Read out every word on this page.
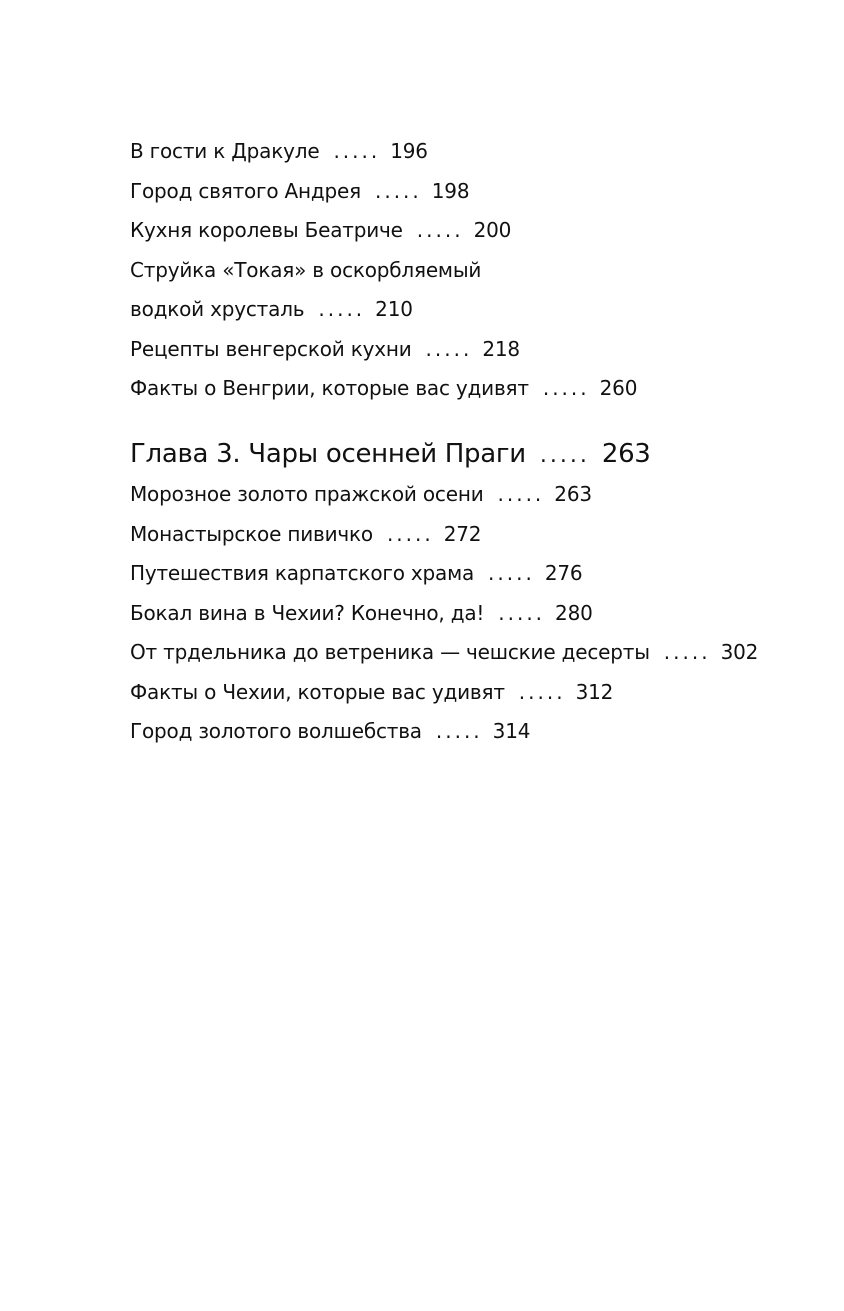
В гости к Дракуле ..... 196
Город святого Андрея ..... 198
Кухня королевы Беатриче ..... 200
Струйка «Токая» в оскорбляемый
водкой хрусталь ..... 210
Рецепты венгерской кухни ..... 218
Факты о Венгрии, которые вас удивят ..... 260
Глава 3. Чары осенней Праги ..... 263
Морозное золото пражской осени ..... 263
Монастырское пивичко ..... 272
Путешествия карпатского храма ..... 276
Бокал вина в Чехии? Конечно, да! ..... 280
От трдельника до ветреника — чешские десерты ..... 302
Факты о Чехии, которые вас удивят ..... 312
Город золотого волшебства ..... 314
